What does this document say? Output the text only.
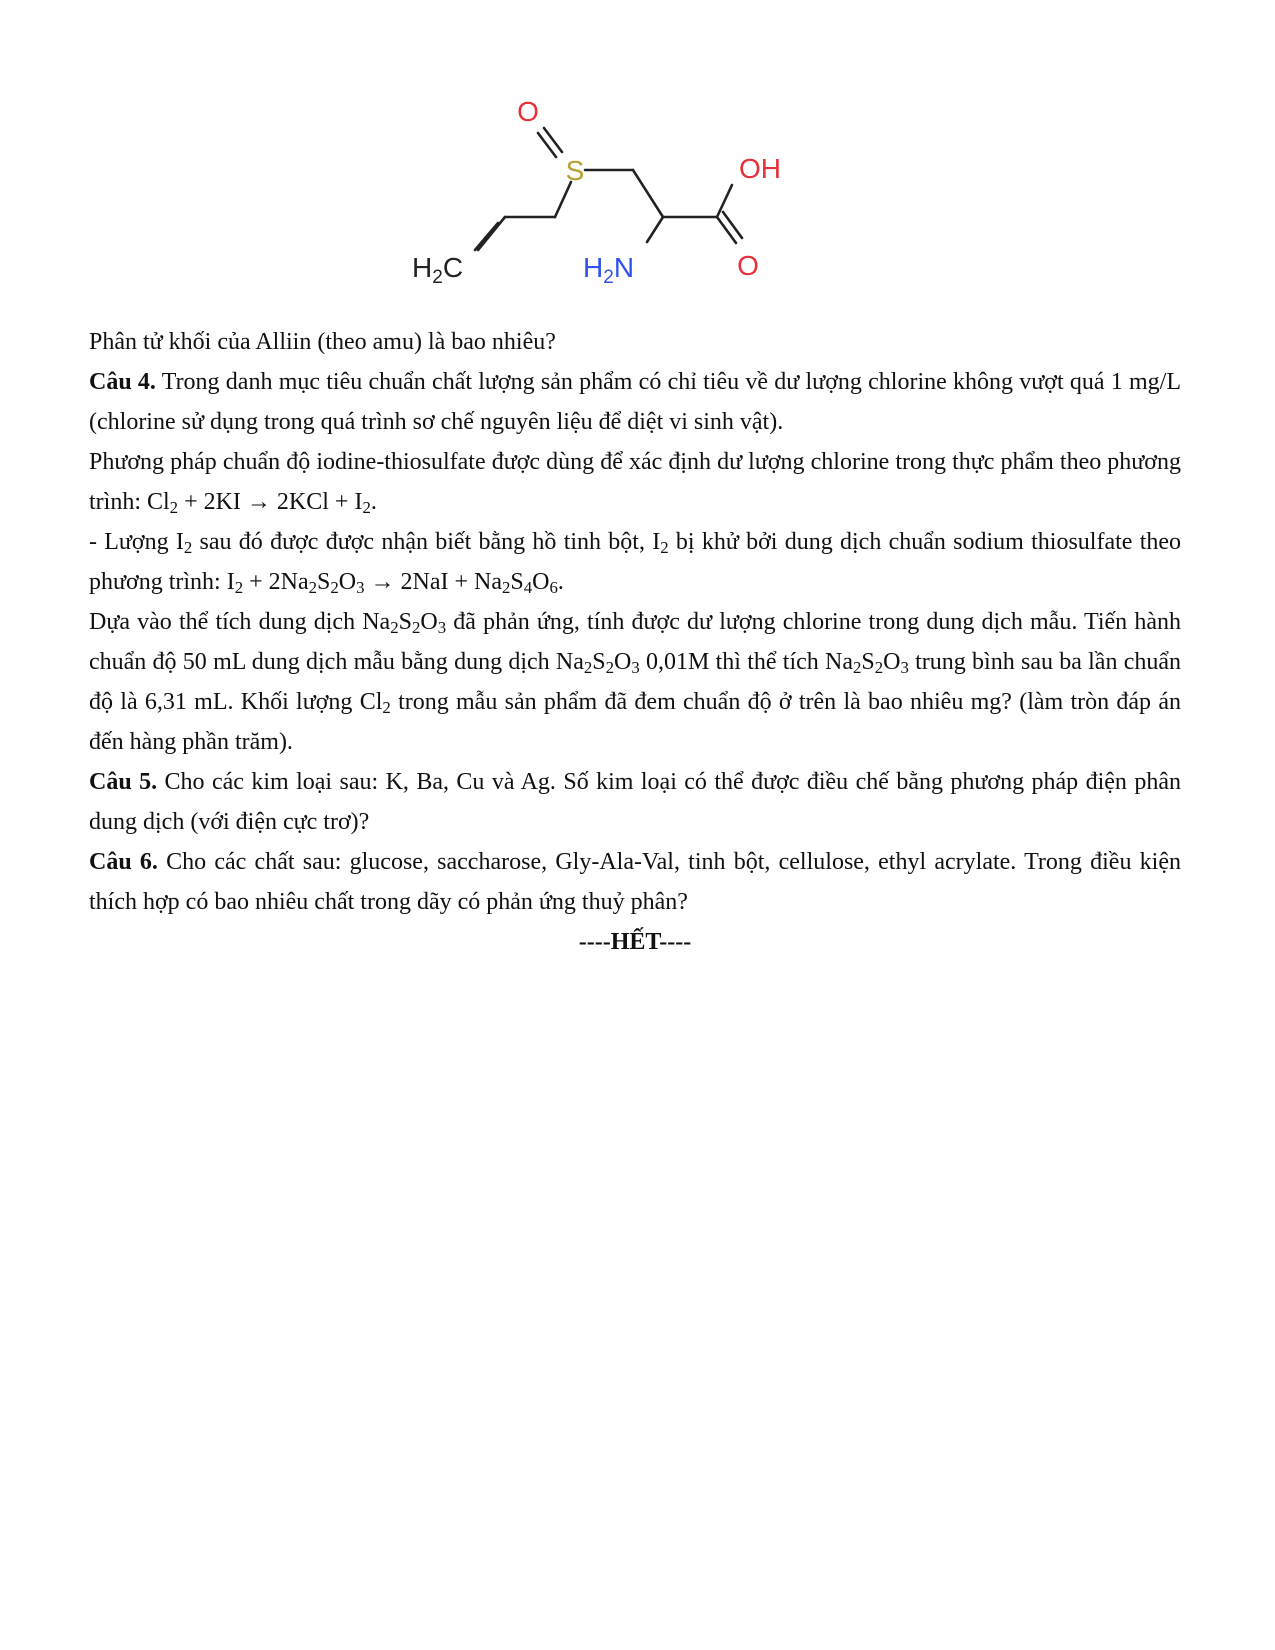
O
S	OH
O
$H_2C$	$H_2N$

Phân tử khối của Alliin (theo amu) là bao nhiêu?

Câu 4. Trong danh mục tiêu chuẩn chất lượng sản phẩm có chỉ tiêu về dư lượng chlorine không vượt quá 1 mg/L (chlorine sử dụng trong quá trình sơ chế nguyên liệu để diệt vi sinh vật).

Phương pháp chuẩn độ iodine-thiosulfate được dùng để xác định dư lượng chlorine trong thực phẩm theo phương trình: $Cl_2 + 2KI \to 2KCl + I_2$.

- Lượng $I_2$ sau đó được được nhận biết bằng hồ tinh bột, $I_2$ bị khử bởi dung dịch chuẩn sodium thiosulfate theo phương trình: $I_2 + 2Na_2S_2O_3 \to 2NaI + Na_2S_4O_6$.

Dựa vào thể tích dung dịch $Na_2S_2O_3$ đã phản ứng, tính được dư lượng chlorine trong dung dịch mẫu. Tiến hành chuẩn độ 50 mL dung dịch mẫu bằng dung dịch $Na_2S_2O_3$ 0,01M thì thể tích $Na_2S_2O_3$ trung bình sau ba lần chuẩn độ là 6,31 mL. Khối lượng $Cl_2$ trong mẫu sản phẩm đã đem chuẩn độ ở trên là bao nhiêu mg? (làm tròn đáp án đến hàng phần trăm).

Câu 5. Cho các kim loại sau: K, Ba, Cu và Ag. Số kim loại có thể được điều chế bằng phương pháp điện phân dung dịch (với điện cực trơ)?

Câu 6. Cho các chất sau: glucose, saccharose, Gly-Ala-Val, tinh bột, cellulose, ethyl acrylate. Trong điều kiện thích hợp có bao nhiêu chất trong dãy có phản ứng thuỷ phân?

----HẾT----
